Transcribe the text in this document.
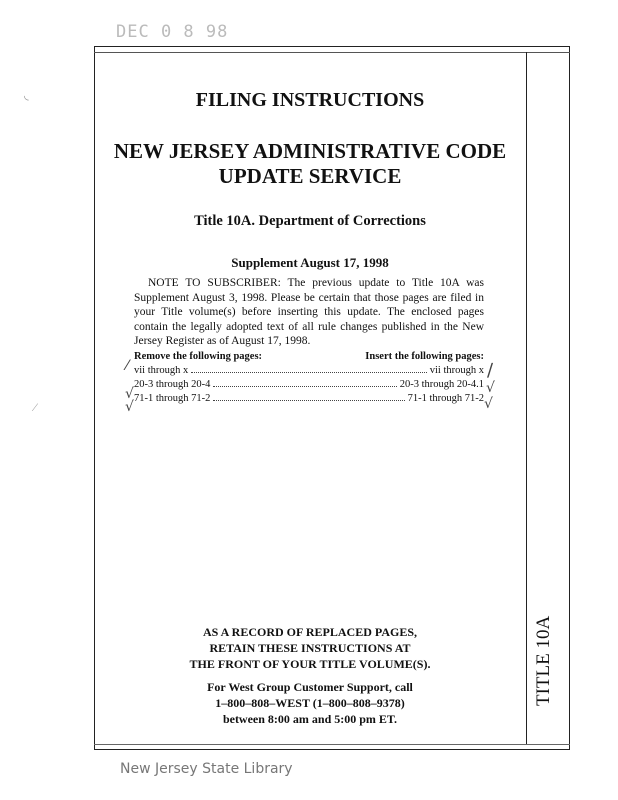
DEC 0 8 98
TITLE 10A
FILING INSTRUCTIONS
NEW JERSEY ADMINISTRATIVE CODE
UPDATE SERVICE
Title 10A. Department of Corrections
Supplement August 17, 1998

NOTE TO SUBSCRIBER: The previous update to Title 10A was Supplement August 3, 1998. Please be certain that those pages are filed in your Title volume(s) before inserting this update. The enclosed pages contain the legally adopted text of all rule changes published in the New Jersey Register as of August 17, 1998.

Remove the following pages:	Insert the following pages:
vii through x	vii through x
20-3 through 20-4	20-3 through 20-4.1
71-1 through 71-2	71-1 through 71-2
⁄
√
√
∕
√
√
AS A RECORD OF REPLACED PAGES,
RETAIN THESE INSTRUCTIONS AT
THE FRONT OF YOUR TITLE VOLUME(S).
For West Group Customer Support, call
1–800–808–WEST (1–800–808–9378)
between 8:00 am and 5:00 pm ET.
◟
⁄
New Jersey State Library
